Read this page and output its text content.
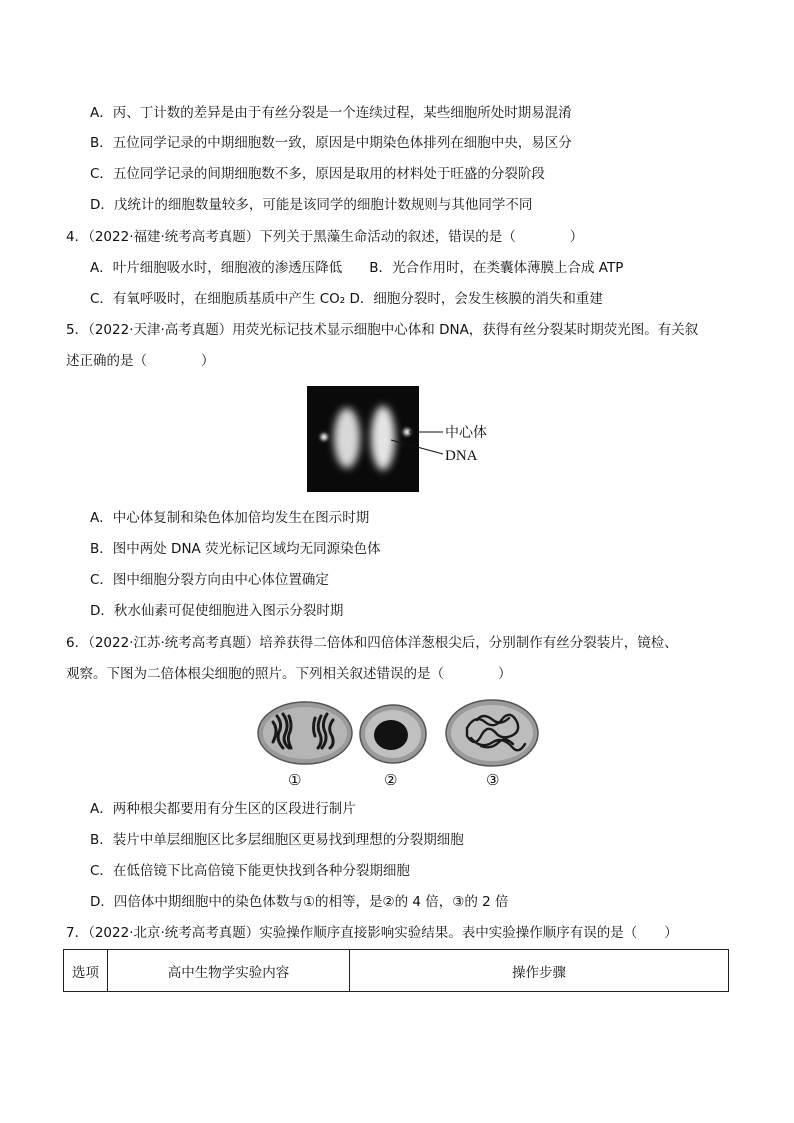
A．丙、丁计数的差异是由于有丝分裂是一个连续过程，某些细胞所处时期易混淆
B．五位同学记录的中期细胞数一致，原因是中期染色体排列在细胞中央，易区分
C．五位同学记录的间期细胞数不多，原因是取用的材料处于旺盛的分裂阶段
D．戊统计的细胞数量较多，可能是该同学的细胞计数规则与其他同学不同
4．（2022·福建·统考高考真题）下列关于黑藻生命活动的叙述，错误的是（　　　　）
A．叶片细胞吸水时，细胞液的渗透压降低　　B．光合作用时，在类囊体薄膜上合成 ATP
C．有氧呼吸时，在细胞质基质中产生 CO₂ D．细胞分裂时，会发生核膜的消失和重建
5．（2022·天津·高考真题）用荧光标记技术显示细胞中心体和 DNA，获得有丝分裂某时期荧光图。有关叙
述正确的是（　　　　）
中心体
DNA
A．中心体复制和染色体加倍均发生在图示时期
B．图中两处 DNA 荧光标记区域均无同源染色体
C．图中细胞分裂方向由中心体位置确定
D．秋水仙素可促使细胞进入图示分裂时期
6．（2022·江苏·统考高考真题）培养获得二倍体和四倍体洋葱根尖后，分别制作有丝分裂装片，镜检、
观察。下图为二倍体根尖细胞的照片。下列相关叙述错误的是（　　　　）
①	②	③
A．两种根尖都要用有分生区的区段进行制片
B．装片中单层细胞区比多层细胞区更易找到理想的分裂期细胞
C．在低倍镜下比高倍镜下能更快找到各种分裂期细胞
D．四倍体中期细胞中的染色体数与①的相等，是②的 4 倍，③的 2 倍
7．（2022·北京·统考高考真题）实验操作顺序直接影响实验结果。表中实验操作顺序有误的是（　　）
选项	高中生物学实验内容	操作步骤
